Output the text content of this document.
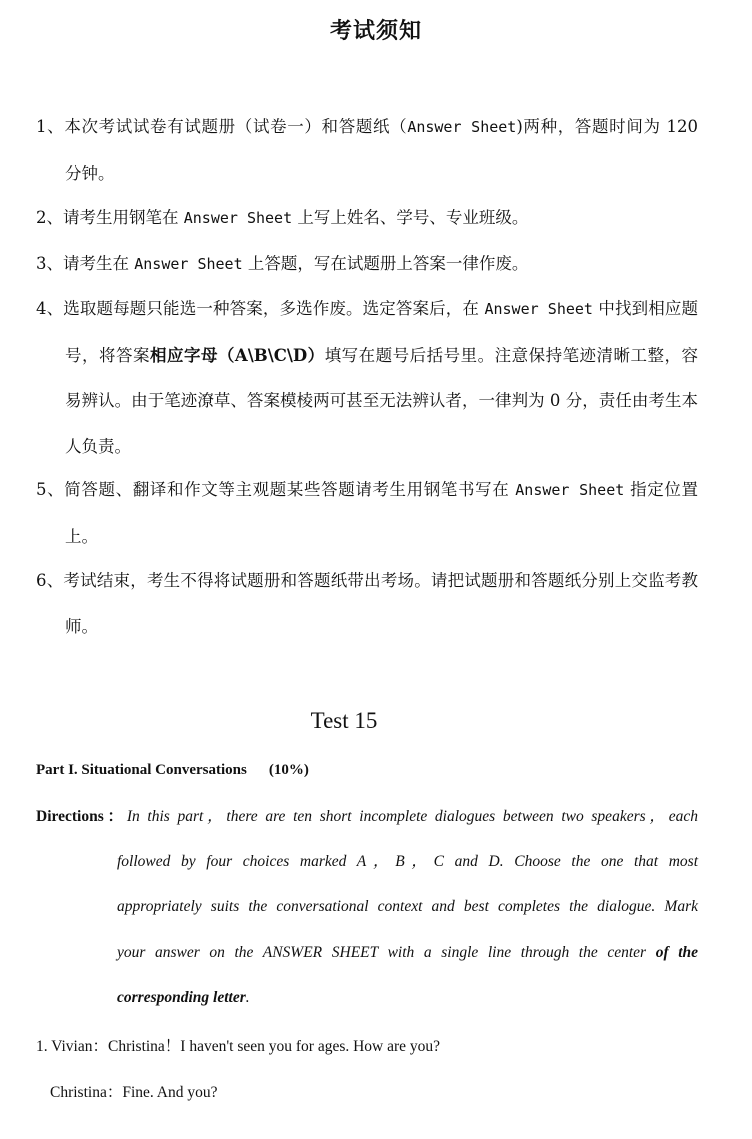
考试须知
1、本次考试试卷有试题册（试卷一）和答题纸（Answer Sheet)两种，答题时间为 120 分钟。
2、请考生用钢笔在 Answer Sheet 上写上姓名、学号、专业班级。
3、请考生在 Answer Sheet 上答题，写在试题册上答案一律作废。
4、选取题每题只能选一种答案，多选作废。选定答案后，在 Answer Sheet 中找到相应题号，将答案相应字母（A\B\C\D）填写在题号后括号里。注意保持笔迹清晰工整，容易辨认。由于笔迹潦草、答案模棱两可甚至无法辨认者，一律判为 0 分，责任由考生本人负责。
5、简答题、翻译和作文等主观题某些答题请考生用钢笔书写在 Answer Sheet 指定位置上。
6、考试结束，考生不得将试题册和答题纸带出考场。请把试题册和答题纸分别上交监考教师。
Test 15
Part I. Situational Conversations (10%)
Directions：In this part，there are ten short incomplete dialogues between two speakers，each
followed by four choices marked A，B，C and D. Choose the one that most
appropriately suits the conversational context and best completes the dialogue. Mark
your answer on the ANSWER SHEET with a single line through the center of the
corresponding letter.
1. Vivian：Christina！I haven't seen you for ages. How are you?
Christina：Fine. And you?
